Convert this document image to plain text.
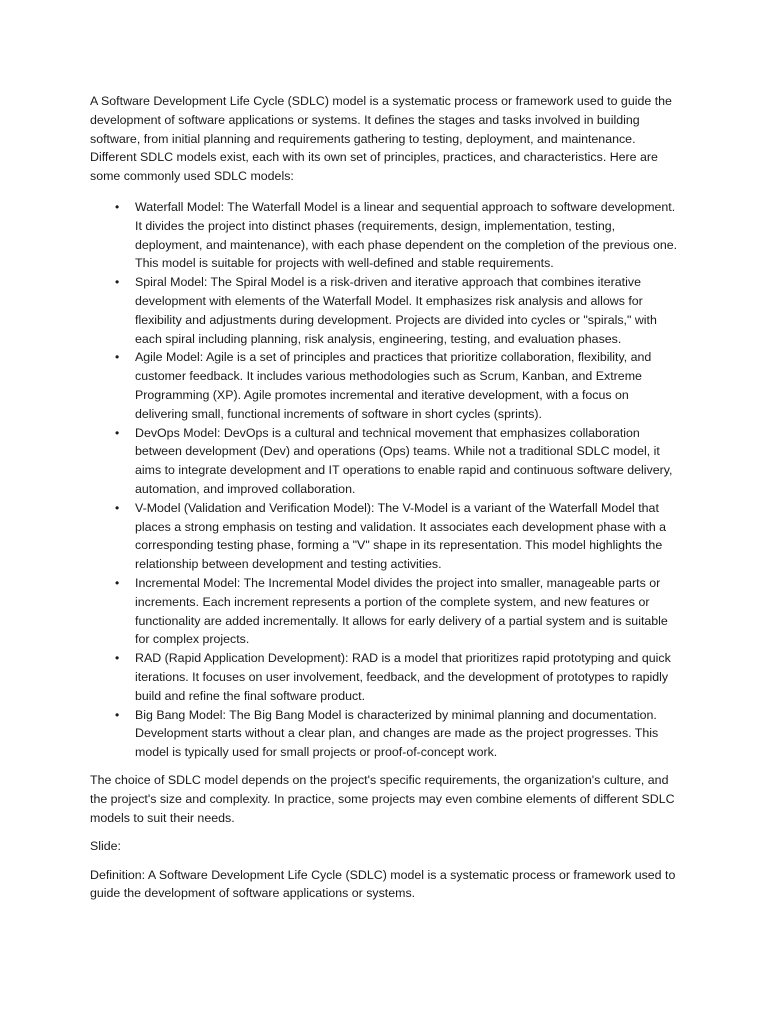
A Software Development Life Cycle (SDLC) model is a systematic process or framework used to guide the development of software applications or systems. It defines the stages and tasks involved in building software, from initial planning and requirements gathering to testing, deployment, and maintenance. Different SDLC models exist, each with its own set of principles, practices, and characteristics. Here are some commonly used SDLC models:

• Waterfall Model: The Waterfall Model is a linear and sequential approach to software development. It divides the project into distinct phases (requirements, design, implementation, testing, deployment, and maintenance), with each phase dependent on the completion of the previous one. This model is suitable for projects with well-defined and stable requirements.
• Spiral Model: The Spiral Model is a risk-driven and iterative approach that combines iterative development with elements of the Waterfall Model. It emphasizes risk analysis and allows for flexibility and adjustments during development. Projects are divided into cycles or "spirals," with each spiral including planning, risk analysis, engineering, testing, and evaluation phases.
• Agile Model: Agile is a set of principles and practices that prioritize collaboration, flexibility, and customer feedback. It includes various methodologies such as Scrum, Kanban, and Extreme Programming (XP). Agile promotes incremental and iterative development, with a focus on delivering small, functional increments of software in short cycles (sprints).
• DevOps Model: DevOps is a cultural and technical movement that emphasizes collaboration between development (Dev) and operations (Ops) teams. While not a traditional SDLC model, it aims to integrate development and IT operations to enable rapid and continuous software delivery, automation, and improved collaboration.
• V-Model (Validation and Verification Model): The V-Model is a variant of the Waterfall Model that places a strong emphasis on testing and validation. It associates each development phase with a corresponding testing phase, forming a "V" shape in its representation. This model highlights the relationship between development and testing activities.
• Incremental Model: The Incremental Model divides the project into smaller, manageable parts or increments. Each increment represents a portion of the complete system, and new features or functionality are added incrementally. It allows for early delivery of a partial system and is suitable for complex projects.
• RAD (Rapid Application Development): RAD is a model that prioritizes rapid prototyping and quick iterations. It focuses on user involvement, feedback, and the development of prototypes to rapidly build and refine the final software product.
• Big Bang Model: The Big Bang Model is characterized by minimal planning and documentation. Development starts without a clear plan, and changes are made as the project progresses. This model is typically used for small projects or proof-of-concept work.

The choice of SDLC model depends on the project's specific requirements, the organization's culture, and the project's size and complexity. In practice, some projects may even combine elements of different SDLC models to suit their needs.

Slide:

Definition: A Software Development Life Cycle (SDLC) model is a systematic process or framework used to guide the development of software applications or systems.
